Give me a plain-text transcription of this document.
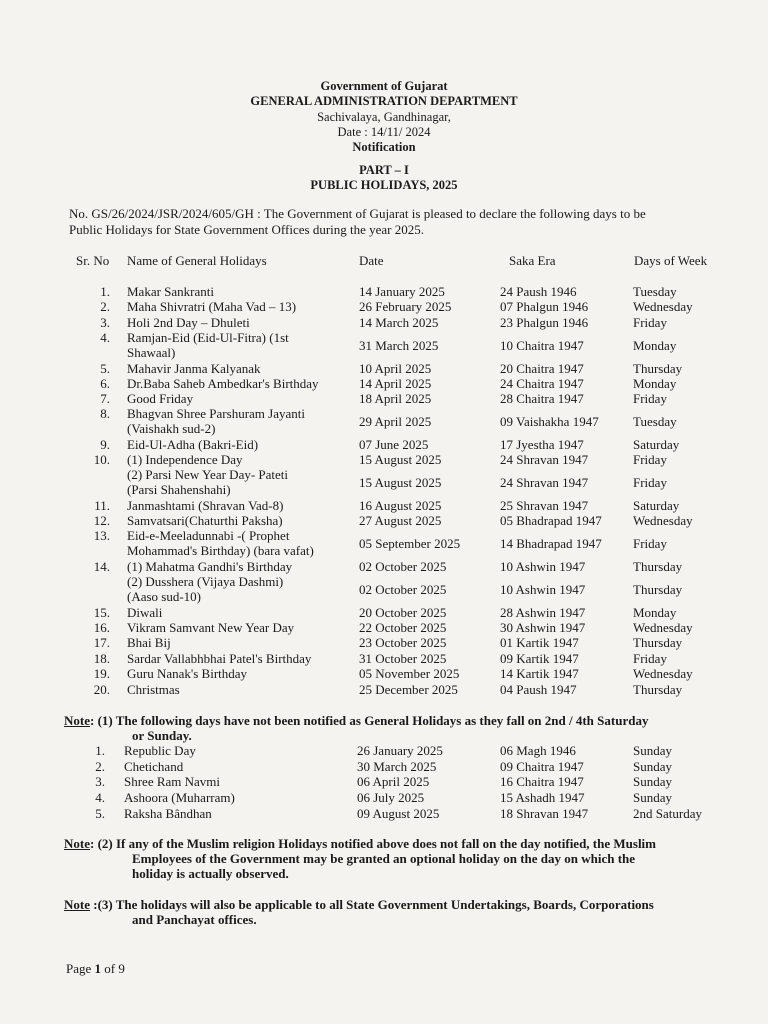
Government of Gujarat
GENERAL ADMINISTRATION DEPARTMENT
Sachivalaya, Gandhinagar,
Date : 14/11/ 2024
Notification
PART – I
PUBLIC HOLIDAYS, 2025
No. GS/26/2024/JSR/2024/605/GH : The Government of Gujarat is pleased to declare the following days to be
Public Holidays for State Government Offices during the year 2025.
Sr. No Name of General Holidays	Date	Saka Era	Days of Week
1. Makar Sankranti	14 January 2025	24 Paush 1946	Tuesday
2. Maha Shivratri (Maha Vad – 13)	26 February 2025	07 Phalgun 1946	Wednesday
3. Holi 2nd Day – Dhuleti	14 March 2025	23 Phalgun 1946	Friday
4. Ramjan-Eid (Eid-Ul-Fitra) (1st
Shawaal)	31 March 2025	10 Chaitra 1947	Monday
5. Mahavir Janma Kalyanak	10 April 2025	20 Chaitra 1947	Thursday
6. Dr.Baba Saheb Ambedkar's Birthday	14 April 2025	24 Chaitra 1947	Monday
7. Good Friday	18 April 2025	28 Chaitra 1947	Friday
8. Bhagvan Shree Parshuram Jayanti
(Vaishakh sud-2)	29 April 2025	09 Vaishakha 1947	Tuesday
9. Eid-Ul-Adha (Bakri-Eid)	07 June 2025	17 Jyestha 1947	Saturday
10. (1) Independence Day	15 August 2025	24 Shravan 1947	Friday
(2) Parsi New Year Day- Pateti
(Parsi Shahenshahi)	15 August 2025	24 Shravan 1947	Friday
11. Janmashtami (Shravan Vad-8)	16 August 2025	25 Shravan 1947	Saturday
12. Samvatsari(Chaturthi Paksha)	27 August 2025	05 Bhadrapad 1947	Wednesday
13. Eid-e-Meeladunnabi -( Prophet
Mohammad's Birthday) (bara vafat)	05 September 2025	14 Bhadrapad 1947	Friday
14. (1) Mahatma Gandhi's Birthday	02 October 2025	10 Ashwin 1947	Thursday
(2) Dusshera (Vijaya Dashmi)
(Aaso sud-10)	02 October 2025	10 Ashwin 1947	Thursday
15. Diwali	20 October 2025	28 Ashwin 1947	Monday
16. Vikram Samvant New Year Day	22 October 2025	30 Ashwin 1947	Wednesday
17. Bhai Bij	23 October 2025	01 Kartik 1947	Thursday
18. Sardar Vallabhbhai Patel's Birthday	31 October 2025	09 Kartik 1947	Friday
19. Guru Nanak's Birthday	05 November 2025	14 Kartik 1947	Wednesday
20. Christmas	25 December 2025	04 Paush 1947	Thursday
Note: (1) The following days have not been notified as General Holidays as they fall on 2nd / 4th Saturday
or Sunday.
1. Republic Day	26 January 2025	06 Magh 1946	Sunday
2. Chetichand	30 March 2025	09 Chaitra 1947	Sunday
3. Shree Ram Navmi	06 April 2025	16 Chaitra 1947	Sunday
4. Ashoora (Muharram)	06 July 2025	15 Ashadh 1947	Sunday
5. Raksha Bândhan	09 August 2025	18 Shravan 1947	2nd Saturday
Note: (2) If any of the Muslim religion Holidays notified above does not fall on the day notified, the Muslim
Employees of the Government may be granted an optional holiday on the day on which the
holiday is actually observed.
Note :(3) The holidays will also be applicable to all State Government Undertakings, Boards, Corporations
and Panchayat offices.
Page 1 of 9
